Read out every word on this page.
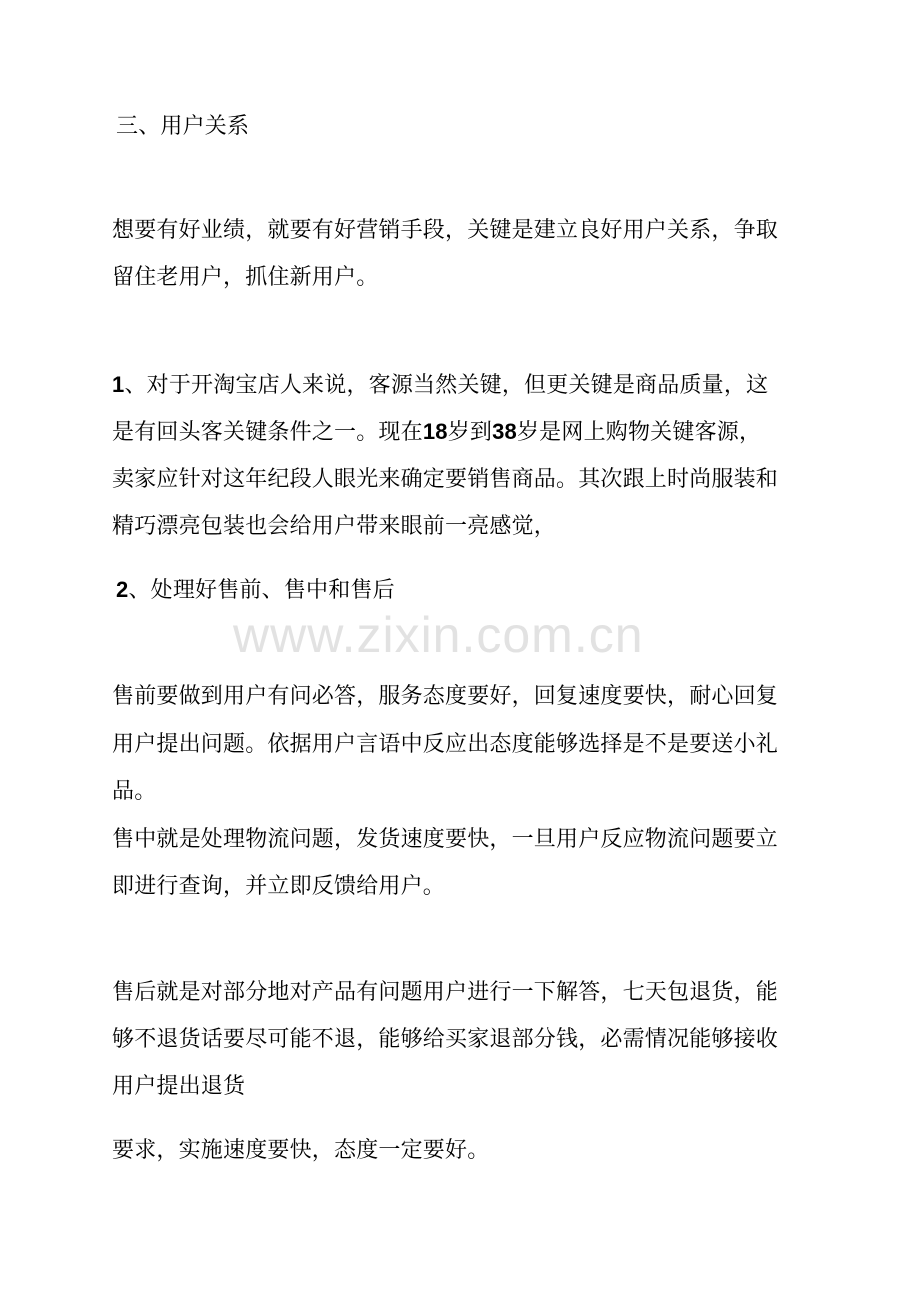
三、用户关系
想要有好业绩，就要有好营销手段，关键是建立良好用户关系，争取
留住老用户，抓住新用户。
1、对于开淘宝店人来说，客源当然关键，但更关键是商品质量，这
是有回头客关键条件之一。现在18岁到38岁是网上购物关键客源，
卖家应针对这年纪段人眼光来确定要销售商品。其次跟上时尚服装和
精巧漂亮包装也会给用户带来眼前一亮感觉，
2、处理好售前、售中和售后
www.zixin.com.cn
售前要做到用户有问必答，服务态度要好，回复速度要快，耐心回复
用户提出问题。依据用户言语中反应出态度能够选择是不是要送小礼
品。
售中就是处理物流问题，发货速度要快，一旦用户反应物流问题要立
即进行查询，并立即反馈给用户。
售后就是对部分地对产品有问题用户进行一下解答，七天包退货，能
够不退货话要尽可能不退，能够给买家退部分钱，必需情况能够接收
用户提出退货
要求，实施速度要快，态度一定要好。
